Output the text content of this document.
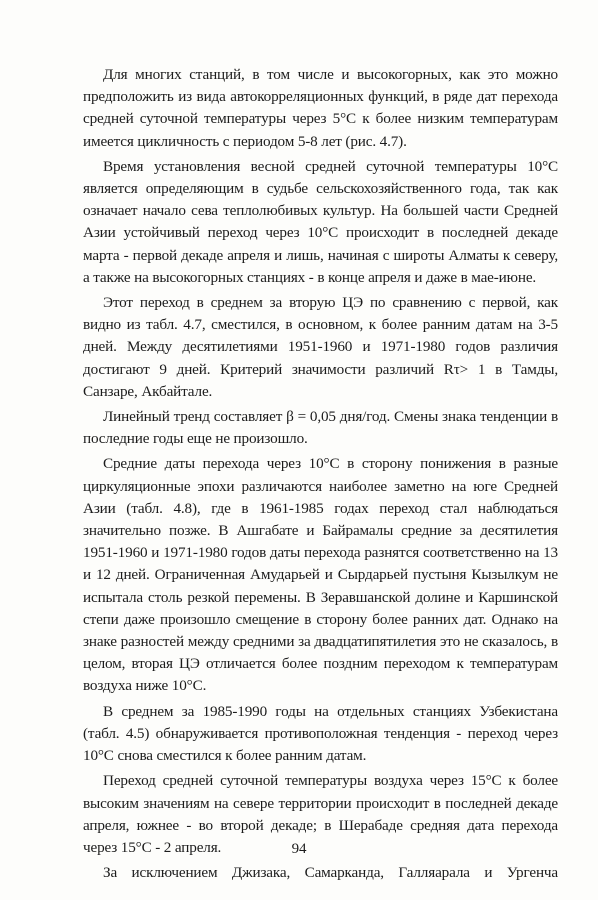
Для многих станций, в том числе и высокогорных, как это можно предположить из вида автокорреляционных функций, в ряде дат перехода средней суточной температуры через 5°С к более низким температурам имеется цикличность с периодом 5-8 лет (рис. 4.7).

Время установления весной средней суточной температуры 10°С является определяющим в судьбе сельскохозяйственного года, так как означает начало сева теплолюбивых культур. На большей части Средней Азии устойчивый переход через 10°С происходит в последней декаде марта - первой декаде апреля и лишь, начиная с широты Алматы к северу, а также на высокогорных станциях - в конце апреля и даже в мае-июне.

Этот переход в среднем за вторую ЦЭ по сравнению с первой, как видно из табл. 4.7, сместился, в основном, к более ранним датам на 3-5 дней. Между десятилетиями 1951-1960 и 1971-1980 годов различия достигают 9 дней. Критерий значимости различий Rτ> 1 в Тамды, Санзаре, Акбайтале.

Линейный тренд составляет β = 0,05 дня/год. Смены знака тенденции в последние годы еще не произошло.

Средние даты перехода через 10°С в сторону понижения в разные циркуляционные эпохи различаются наиболее заметно на юге Средней Азии (табл. 4.8), где в 1961-1985 годах переход стал наблюдаться значительно позже. В Ашгабате и Байрамалы средние за десятилетия 1951-1960 и 1971-1980 годов даты перехода разнятся соответственно на 13 и 12 дней. Ограниченная Амударьей и Сырдарьей пустыня Кызылкум не испытала столь резкой перемены. В Зеравшанской долине и Каршинской степи даже произошло смещение в сторону более ранних дат. Однако на знаке разностей между средними за двадцатипятилетия это не сказалось, в целом, вторая ЦЭ отличается более поздним переходом к температурам воздуха ниже 10°С.

В среднем за 1985-1990 годы на отдельных станциях Узбекистана (табл. 4.5) обнаруживается противоположная тенденция - переход через 10°С снова сместился к более ранним датам.

Переход средней суточной температуры воздуха через 15°С к более высоким значениям на севере территории происходит в последней декаде апреля, южнее - во второй декаде; в Шерабаде средняя дата перехода через 15°С - 2 апреля.

За исключением Джизака, Самарканда, Галляарала и Ургенча

94
